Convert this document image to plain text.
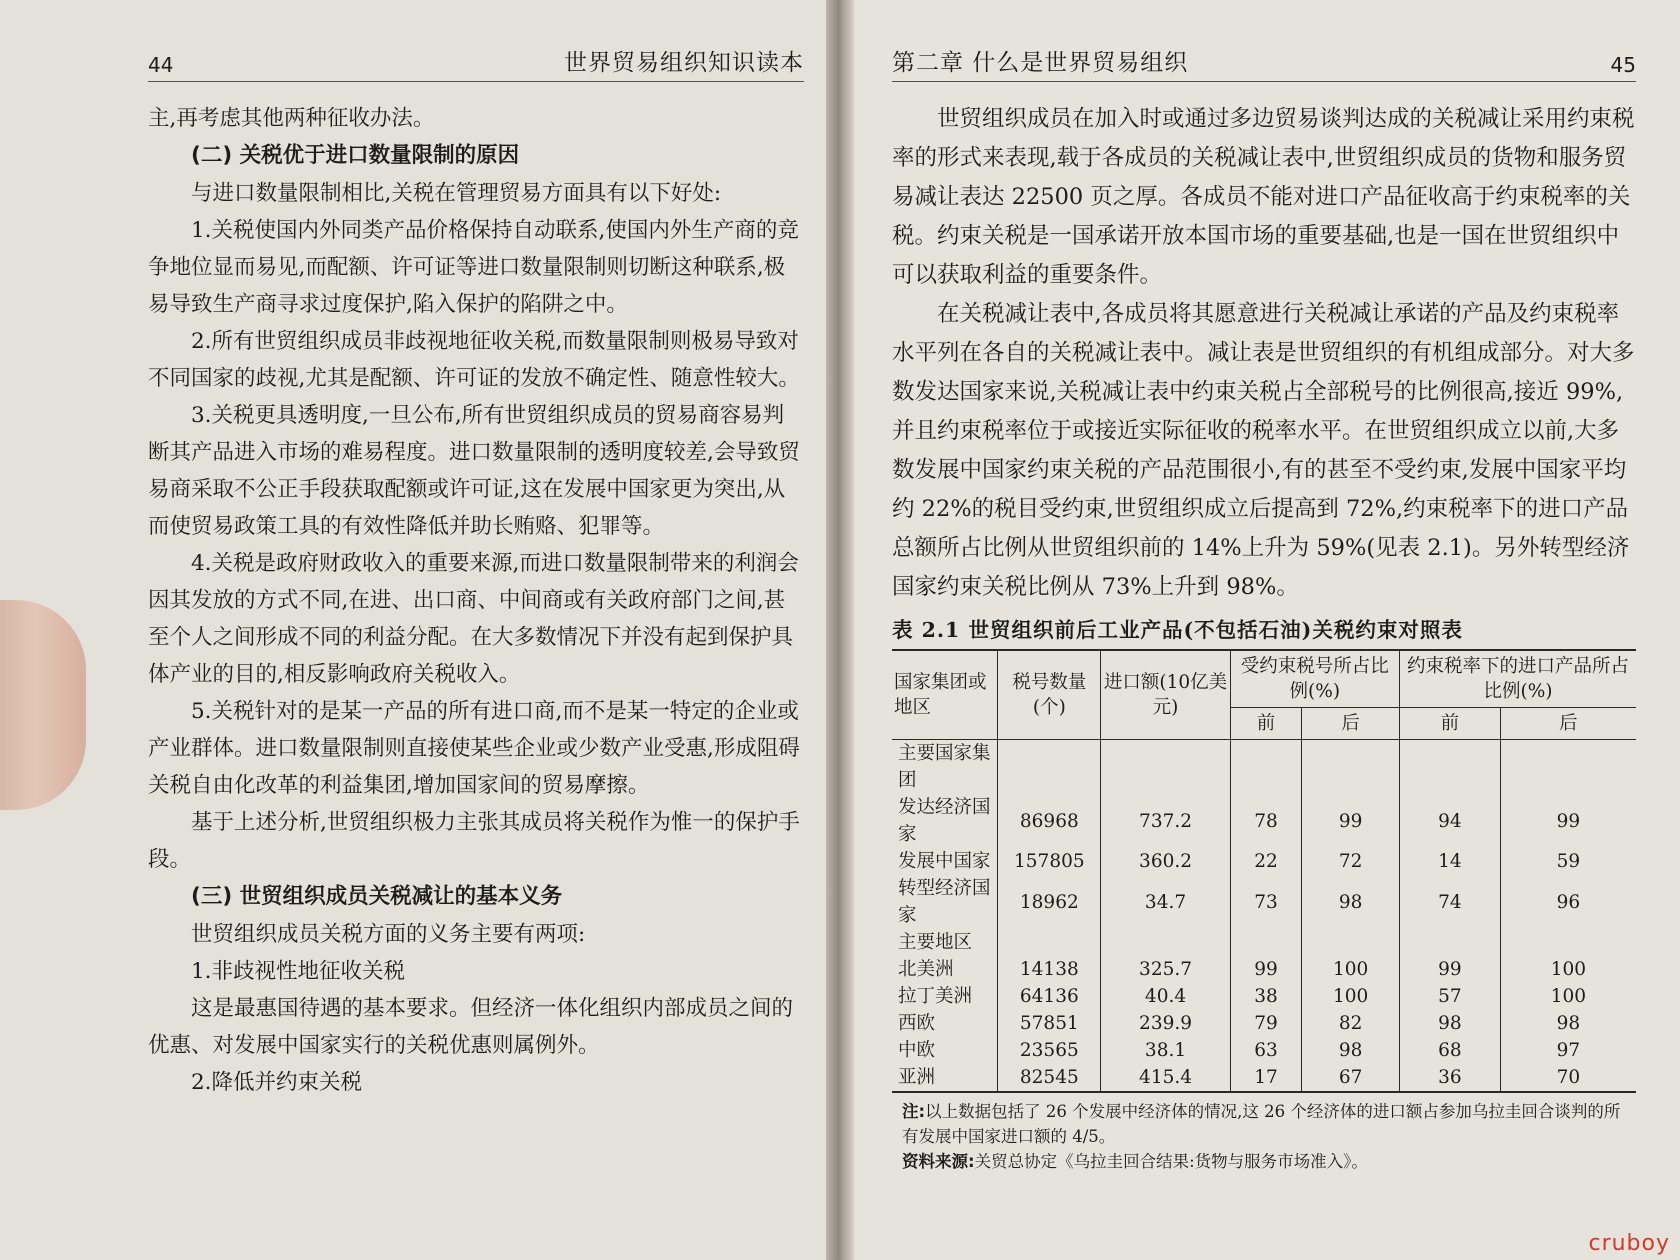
44	世界贸易组织知识读本

主,再考虑其他两种征收办法。

(二) 关税优于进口数量限制的原因

与进口数量限制相比,关税在管理贸易方面具有以下好处:

1.关税使国内外同类产品价格保持自动联系,使国内外生产商的竞争地位显而易见,而配额、许可证等进口数量限制则切断这种联系,极易导致生产商寻求过度保护,陷入保护的陷阱之中。

2.所有世贸组织成员非歧视地征收关税,而数量限制则极易导致对不同国家的歧视,尤其是配额、许可证的发放不确定性、随意性较大。

3.关税更具透明度,一旦公布,所有世贸组织成员的贸易商容易判断其产品进入市场的难易程度。进口数量限制的透明度较差,会导致贸易商采取不公正手段获取配额或许可证,这在发展中国家更为突出,从而使贸易政策工具的有效性降低并助长贿赂、犯罪等。

4.关税是政府财政收入的重要来源,而进口数量限制带来的利润会因其发放的方式不同,在进、出口商、中间商或有关政府部门之间,甚至个人之间形成不同的利益分配。在大多数情况下并没有起到保护具体产业的目的,相反影响政府关税收入。

5.关税针对的是某一产品的所有进口商,而不是某一特定的企业或产业群体。进口数量限制则直接使某些企业或少数产业受惠,形成阻碍关税自由化改革的利益集团,增加国家间的贸易摩擦。

基于上述分析,世贸组织极力主张其成员将关税作为惟一的保护手段。

(三) 世贸组织成员关税减让的基本义务

世贸组织成员关税方面的义务主要有两项:

1.非歧视性地征收关税

这是最惠国待遇的基本要求。但经济一体化组织内部成员之间的优惠、对发展中国家实行的关税优惠则属例外。

2.降低并约束关税

第二章 什么是世界贸易组织	45

世贸组织成员在加入时或通过多边贸易谈判达成的关税减让采用约束税率的形式来表现,载于各成员的关税减让表中,世贸组织成员的货物和服务贸易减让表达 22500 页之厚。各成员不能对进口产品征收高于约束税率的关税。约束关税是一国承诺开放本国市场的重要基础,也是一国在世贸组织中可以获取利益的重要条件。

在关税减让表中,各成员将其愿意进行关税减让承诺的产品及约束税率水平列在各自的关税减让表中。减让表是世贸组织的有机组成部分。对大多数发达国家来说,关税减让表中约束关税占全部税号的比例很高,接近 99%,并且约束税率位于或接近实际征收的税率水平。在世贸组织成立以前,大多数发展中国家约束关税的产品范围很小,有的甚至不受约束,发展中国家平均约 22%的税目受约束,世贸组织成立后提高到 72%,约束税率下的进口产品总额所占比例从世贸组织前的 14%上升为 59%(见表 2.1)。另外转型经济国家约束关税比例从 73%上升到 98%。

表 2.1 世贸组织前后工业产品(不包括石油)关税约束对照表
国家集团或地区	税号数量(个)	进口额(10亿美元)	受约束税号所占比例(%)		约束税率下的进口产品所占比例(%)	
			前	后	前	后
主要国家集团						
发达经济国家	86968	737.2	78	99	94	99
发展中国家	157805	360.2	22	72	14	59
转型经济国家	18962	34.7	73	98	74	96
主要地区						
北美洲	14138	325.7	99	100	99	100
拉丁美洲	64136	40.4	38	100	57	100
西欧	57851	239.9	79	82	98	98
中欧	23565	38.1	63	98	68	97
亚洲	82545	415.4	17	67	36	70
注:以上数据包括了 26 个发展中经济体的情况,这 26 个经济体的进口额占参加乌拉圭回合谈判的所有发展中国家进口额的 4/5。
资料来源:关贸总协定《乌拉圭回合结果:货物与服务市场准入》。
cruboy
